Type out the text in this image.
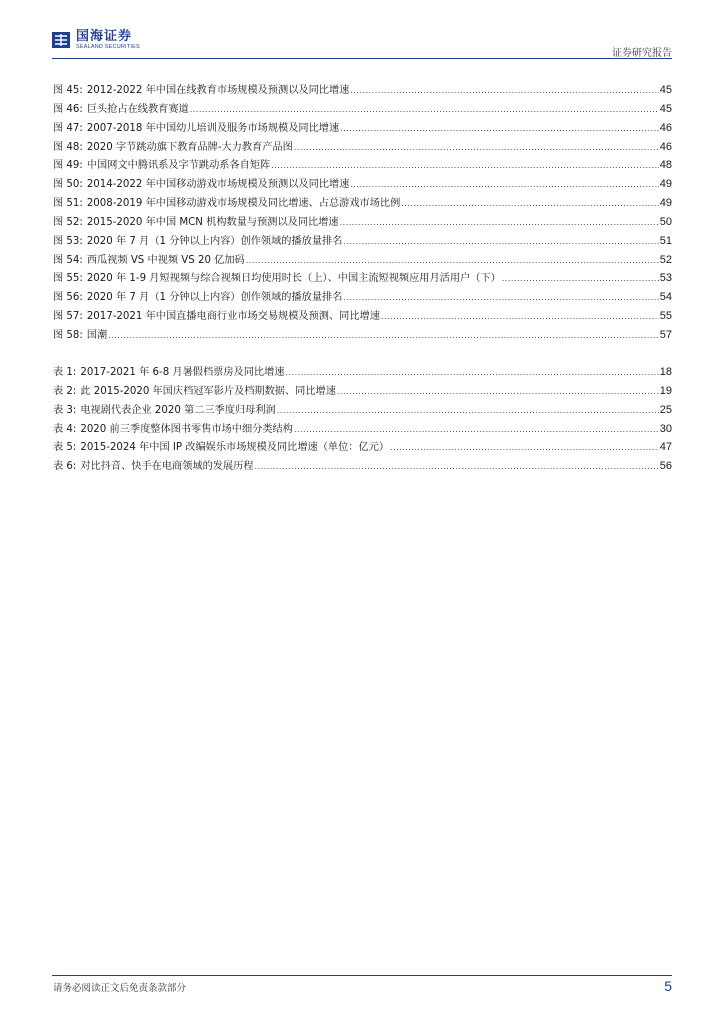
国海证券
SEALAND SECURITIES
证券研究报告
图 45: 2012-2022 年中国在线教育市场规模及预测以及同比增速 .....	45
图 46: 巨头抢占在线教育赛道 .....	45
图 47: 2007-2018 年中国幼儿培训及服务市场规模及同比增速 .....	46
图 48: 2020 字节跳动旗下教育品牌-大力教育产品图 .....	46
图 49: 中国网文中腾讯系及字节跳动系各自矩阵 .....	48
图 50: 2014-2022 年中国移动游戏市场规模及预测以及同比增速 .....	49
图 51: 2008-2019 年中国移动游戏市场规模及同比增速、占总游戏市场比例 .....	49
图 52: 2015-2020 年中国 MCN 机构数量与预测以及同比增速 .....	50
图 53: 2020 年 7 月（1 分钟以上内容）创作领域的播放量排名 .....	51
图 54: 西瓜视频 VS 中视频 VS 20 亿加码 .....	52
图 55: 2020 年 1-9 月短视频与综合视频日均使用时长（上）、中国主流短视频应用月活用户（下） .....	53
图 56: 2020 年 7 月（1 分钟以上内容）创作领域的播放量排名 .....	54
图 57: 2017-2021 年中国直播电商行业市场交易规模及预测、同比增速 .....	55
图 58: 国潮 .....	57
表 1: 2017-2021 年 6-8 月暑假档票房及同比增速 .....	18
表 2: 此 2015-2020 年国庆档冠军影片及档期数据、同比增速 .....	19
表 3: 电视剧代表企业 2020 第二三季度归母利润 .....	25
表 4: 2020 前三季度整体图书零售市场中细分类结构 .....	30
表 5: 2015-2024 年中国 IP 改编娱乐市场规模及同比增速（单位：亿元） .....	47
表 6: 对比抖音、快手在电商领域的发展历程 .....	56
请务必阅读正文后免责条款部分	5
